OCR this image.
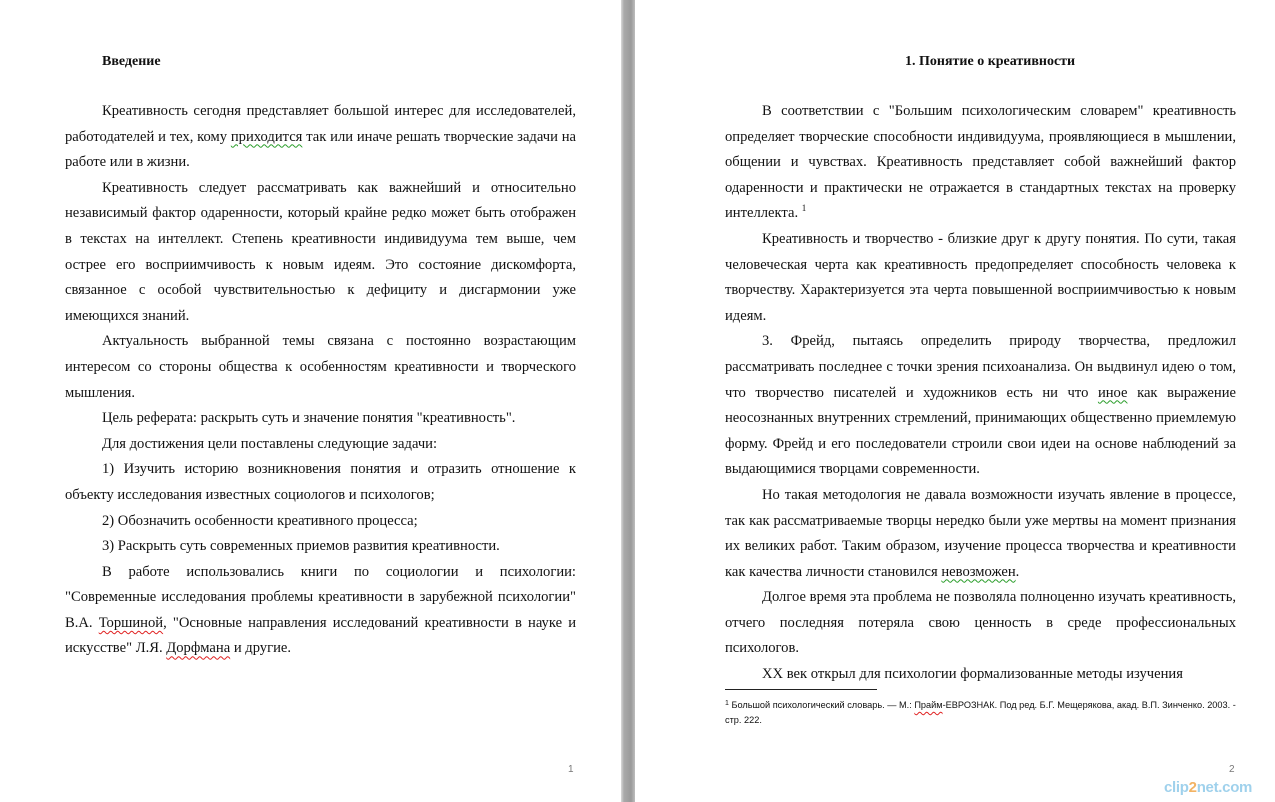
Введение

Креативность сегодня представляет большой интерес для исследователей, работодателей и тех, кому приходится так или иначе решать творческие задачи на работе или в жизни.

Креативность следует рассматривать как важнейший и относительно независимый фактор одаренности, который крайне редко может быть отображен в текстах на интеллект. Степень креативности индивидуума тем выше, чем острее его восприимчивость к новым идеям. Это состояние дискомфорта, связанное с особой чувствительностью к дефициту и дисгармонии уже имеющихся знаний.

Актуальность выбранной темы связана с постоянно возрастающим интересом со стороны общества к особенностям креативности и творческого мышления.

Цель реферата: раскрыть суть и значение понятия "креативность".

Для достижения цели поставлены следующие задачи:

1) Изучить историю возникновения понятия и отразить отношение к объекту исследования известных социологов и психологов;

2) Обозначить особенности креативного процесса;

3) Раскрыть суть современных приемов развития креативности.

В работе использовались книги по социологии и психологии: "Современные исследования проблемы креативности в зарубежной психологии" В.А. Торшиной, "Основные направления исследований креативности в науке и искусстве" Л.Я. Дорфмана и другие.

1
1. Понятие о креативности

В соответствии с "Большим психологическим словарем" креативность определяет творческие способности индивидуума, проявляющиеся в мышлении, общении и чувствах. Креативность представляет собой важнейший фактор одаренности и практически не отражается в стандартных текстах на проверку интеллекта. $^1$

Креативность и творчество - близкие друг к другу понятия. По сути, такая человеческая черта как креативность предопределяет способность человека к творчеству. Характеризуется эта черта повышенной восприимчивостью к новым идеям.

3. Фрейд, пытаясь определить природу творчества, предложил рассматривать последнее с точки зрения психоанализа. Он выдвинул идею о том, что творчество писателей и художников есть ни что иное как выражение неосознанных внутренних стремлений, принимающих общественно приемлемую форму. Фрейд и его последователи строили свои идеи на основе наблюдений за выдающимися творцами современности.

Но такая методология не давала возможности изучать явление в процессе, так как рассматриваемые творцы нередко были уже мертвы на момент признания их великих работ. Таким образом, изучение процесса творчества и креативности как качества личности становился невозможен.

Долгое время эта проблема не позволяла полноценно изучать креативность, отчего последняя потеряла свою ценность в среде профессиональных психологов.

XX век открыл для психологии формализованные методы изучения

$^1$ Большой психологический словарь. — М.: Прайм-ЕВРОЗНАК. Под ред. Б.Г. Мещерякова, акад. В.П. Зинченко. 2003. - стр. 222.

2
clip2net.com
